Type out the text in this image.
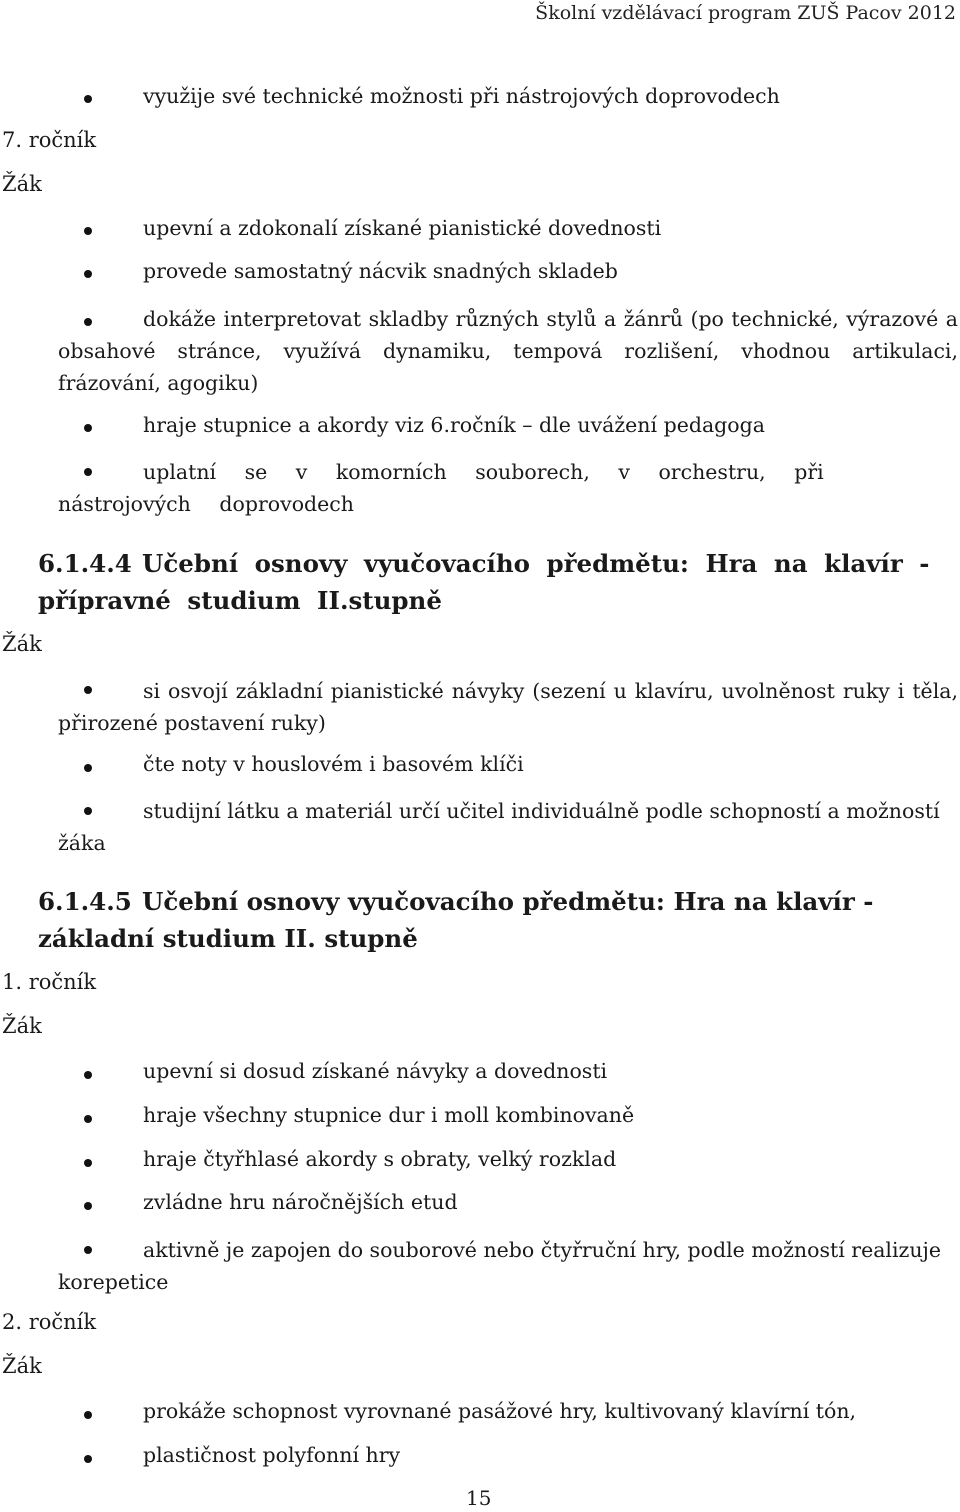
Školní vzdělávací program ZUŠ Pacov 2012
využije své technické možnosti při nástrojových doprovodech
7. ročník
Žák
upevní a zdokonalí získané pianistické dovednosti
provede samostatný nácvik snadných skladeb
dokáže interpretovat skladby různých stylů a žánrů (po technické, výrazové a obsahové stránce, využívá dynamiku, tempová rozlišení, vhodnou artikulaci, frázování, agogiku)
hraje stupnice a akordy viz 6.ročník – dle uvážení pedagoga
uplatní se v komorních souborech, v orchestru, při nástrojových doprovodech
6.1.4.4 Učební osnovy vyučovacího předmětu: Hra na klavír - přípravné studium II.stupně
Žák
si osvojí základní pianistické návyky (sezení u klavíru, uvolněnost ruky i těla, přirozené postavení ruky)
čte noty v houslovém i basovém klíči
studijní látku a materiál určí učitel individuálně podle schopností a možností žáka
6.1.4.5 Učební osnovy vyučovacího předmětu: Hra na klavír - základní studium II. stupně
1. ročník
Žák
upevní si dosud získané návyky a dovednosti
hraje všechny stupnice dur i moll kombinovaně
hraje čtyřhlasé akordy s obraty, velký rozklad
zvládne hru náročnějších etud
aktivně je zapojen do souborové nebo čtyřruční hry, podle možností realizuje korepetice
2. ročník
Žák
prokáže schopnost vyrovnané pasážové hry, kultivovaný klavírní tón,
plastičnost polyfonní hry
15
